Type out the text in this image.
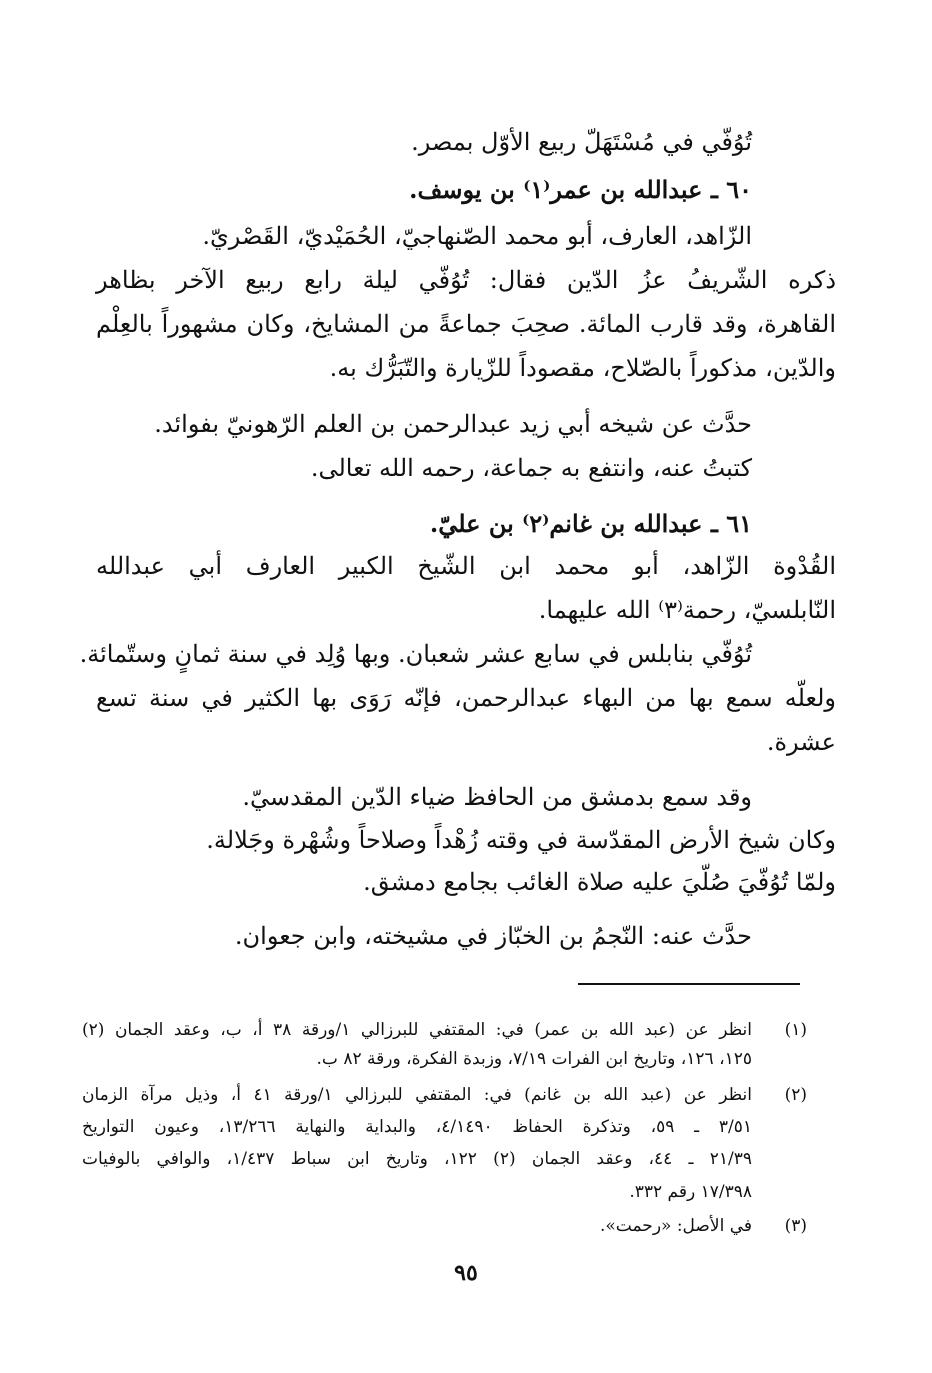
تُوُفّي في مُسْتَهَلّ ربيع الأوّل بمصر.
٦٠ ـ عبدالله بن عمر⁽١⁾ بن يوسف.
الزّاهد، العارف، أبو محمد الصّنهاجيّ، الحُمَيْديّ، القَصْريّ.
ذكره الشّريفُ عزُ الدّين فقال: تُوُفّي ليلة رابع ربيع الآخر بظاهر
القاهرة، وقد قارب المائة. صحِبَ جماعةً من المشايخ، وكان مشهوراً بالعِلْم
والدّين، مذكوراً بالصّلاح، مقصوداً للزّيارة والتّبَرُّك به.
حدَّث عن شيخه أبي زيد عبدالرحمن بن العلم الرّهونيّ بفوائد.
كتبتُ عنه، وانتفع به جماعة، رحمه الله تعالى.
٦١ ـ عبدالله بن غانم⁽٢⁾ بن عليّ.
القُدْوة الزّاهد، أبو محمد ابن الشّيخ الكبير العارف أبي عبدالله
النّابلسيّ، رحمة⁽٣⁾ الله عليهما.
تُوُفّي بنابلس في سابع عشر شعبان. وبها وُلِد في سنة ثمانٍ وستّمائة.
ولعلّه سمع بها من البهاء عبدالرحمن، فإنّه رَوَى بها الكثير في سنة تسع
عشرة.
وقد سمع بدمشق من الحافظ ضياء الدّين المقدسيّ.
وكان شيخ الأرض المقدّسة في وقته زُهْداً وصلاحاً وشُهْرة وجَلالة.
ولمّا تُوُفّيَ صُلّيَ عليه صلاة الغائب بجامع دمشق.
حدَّث عنه: النّجمُ بن الخبّاز في مشيخته، وابن جعوان.
(١)
انظر عن (عبد الله بن عمر) في: المقتفي للبرزالي ١/ورقة ٣٨ أ، ب، وعقد الجمان (٢)
١٢٥، ١٢٦، وتاريخ ابن الفرات ٧/١٩، وزبدة الفكرة، ورقة ٨٢ ب.
(٢)
انظر عن (عبد الله بن غانم) في: المقتفي للبرزالي ١/ورقة ٤١ أ، وذيل مرآة الزمان
٣/٥١ ـ ٥٩، وتذكرة الحفاظ ٤/١٤٩٠، والبداية والنهاية ١٣/٢٦٦، وعيون التواريخ
٢١/٣٩ ـ ٤٤، وعقد الجمان (٢) ١٢٢، وتاريخ ابن سباط ١/٤٣٧، والوافي بالوفيات
١٧/٣٩٨ رقم ٣٣٢.
(٣)
في الأصل: «رحمت».
٩٥
